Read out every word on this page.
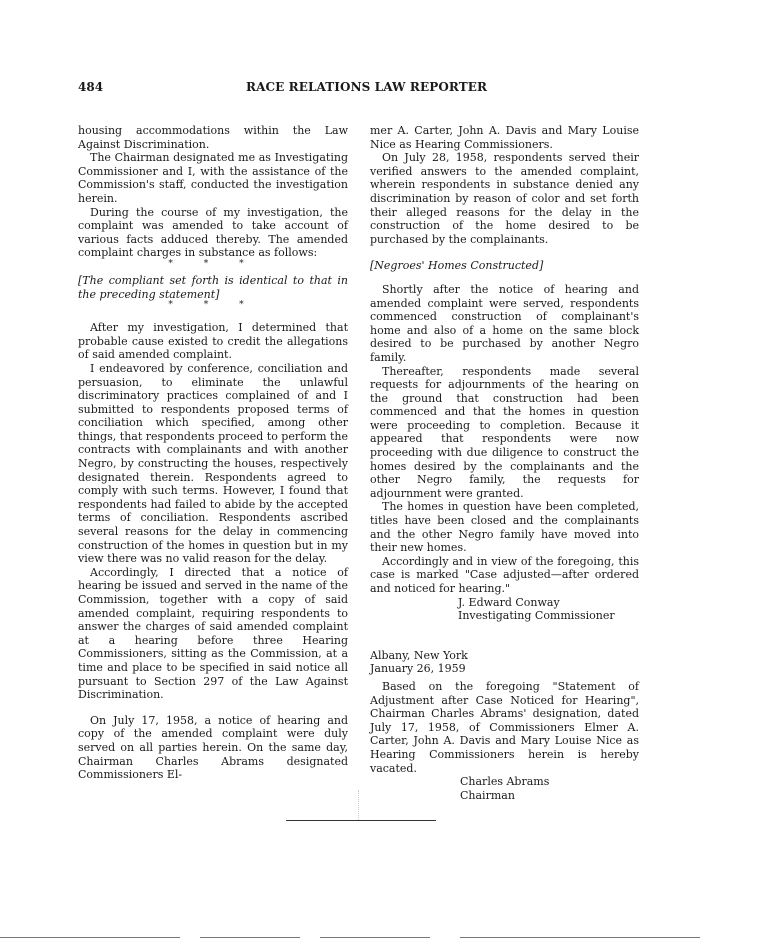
484	RACE RELATIONS LAW REPORTER

housing accommodations within the Law Against Discrimination.

The Chairman designated me as Investigating Commissioner and I, with the assistance of the Commission's staff, conducted the investigation herein.

During the course of my investigation, the complaint was amended to take account of various facts adduced thereby. The amended complaint charges in substance as follows:

* * *

[The compliant set forth is identical to that in the preceding statement]

* * *

After my investigation, I determined that probable cause existed to credit the allegations of said amended complaint.

I endeavored by conference, conciliation and persuasion, to eliminate the unlawful discriminatory practices complained of and I submitted to respondents proposed terms of conciliation which specified, among other things, that respondents proceed to perform the contracts with complainants and with another Negro, by constructing the houses, respectively designated therein. Respondents agreed to comply with such terms. However, I found that respondents had failed to abide by the accepted terms of conciliation. Respondents ascribed several reasons for the delay in commencing construction of the homes in question but in my view there was no valid reason for the delay.

Accordingly, I directed that a notice of hearing be issued and served in the name of the Commission, together with a copy of said amended complaint, requiring respondents to answer the charges of said amended complaint at a hearing before three Hearing Commissioners, sitting as the Commission, at a time and place to be specified in said notice all pursuant to Section 297 of the Law Against Discrimination.

On July 17, 1958, a notice of hearing and copy of the amended complaint were duly served on all parties herein. On the same day, Chairman Charles Abrams designated Commissioners El-

mer A. Carter, John A. Davis and Mary Louise Nice as Hearing Commissioners.

On July 28, 1958, respondents served their verified answers to the amended complaint, wherein respondents in substance denied any discrimination by reason of color and set forth their alleged reasons for the delay in the construction of the home desired to be purchased by the complainants.

[Negroes' Homes Constructed]

Shortly after the notice of hearing and amended complaint were served, respondents commenced construction of complainant's home and also of a home on the same block desired to be purchased by another Negro family.

Thereafter, respondents made several requests for adjournments of the hearing on the ground that construction had been commenced and that the homes in question were proceeding to completion. Because it appeared that respondents were now proceeding with due diligence to construct the homes desired by the complainants and the other Negro family, the requests for adjournment were granted.

The homes in question have been completed, titles have been closed and the complainants and the other Negro family have moved into their new homes.

Accordingly and in view of the foregoing, this case is marked "Case adjusted—after ordered and noticed for hearing."

J. Edward Conway

Investigating Commissioner

Albany, New York

January 26, 1959

Based on the foregoing "Statement of Adjustment after Case Noticed for Hearing", Chairman Charles Abrams' designation, dated July 17, 1958, of Commissioners Elmer A. Carter, John A. Davis and Mary Louise Nice as Hearing Commissioners herein is hereby vacated.

Charles Abrams

Chairman
